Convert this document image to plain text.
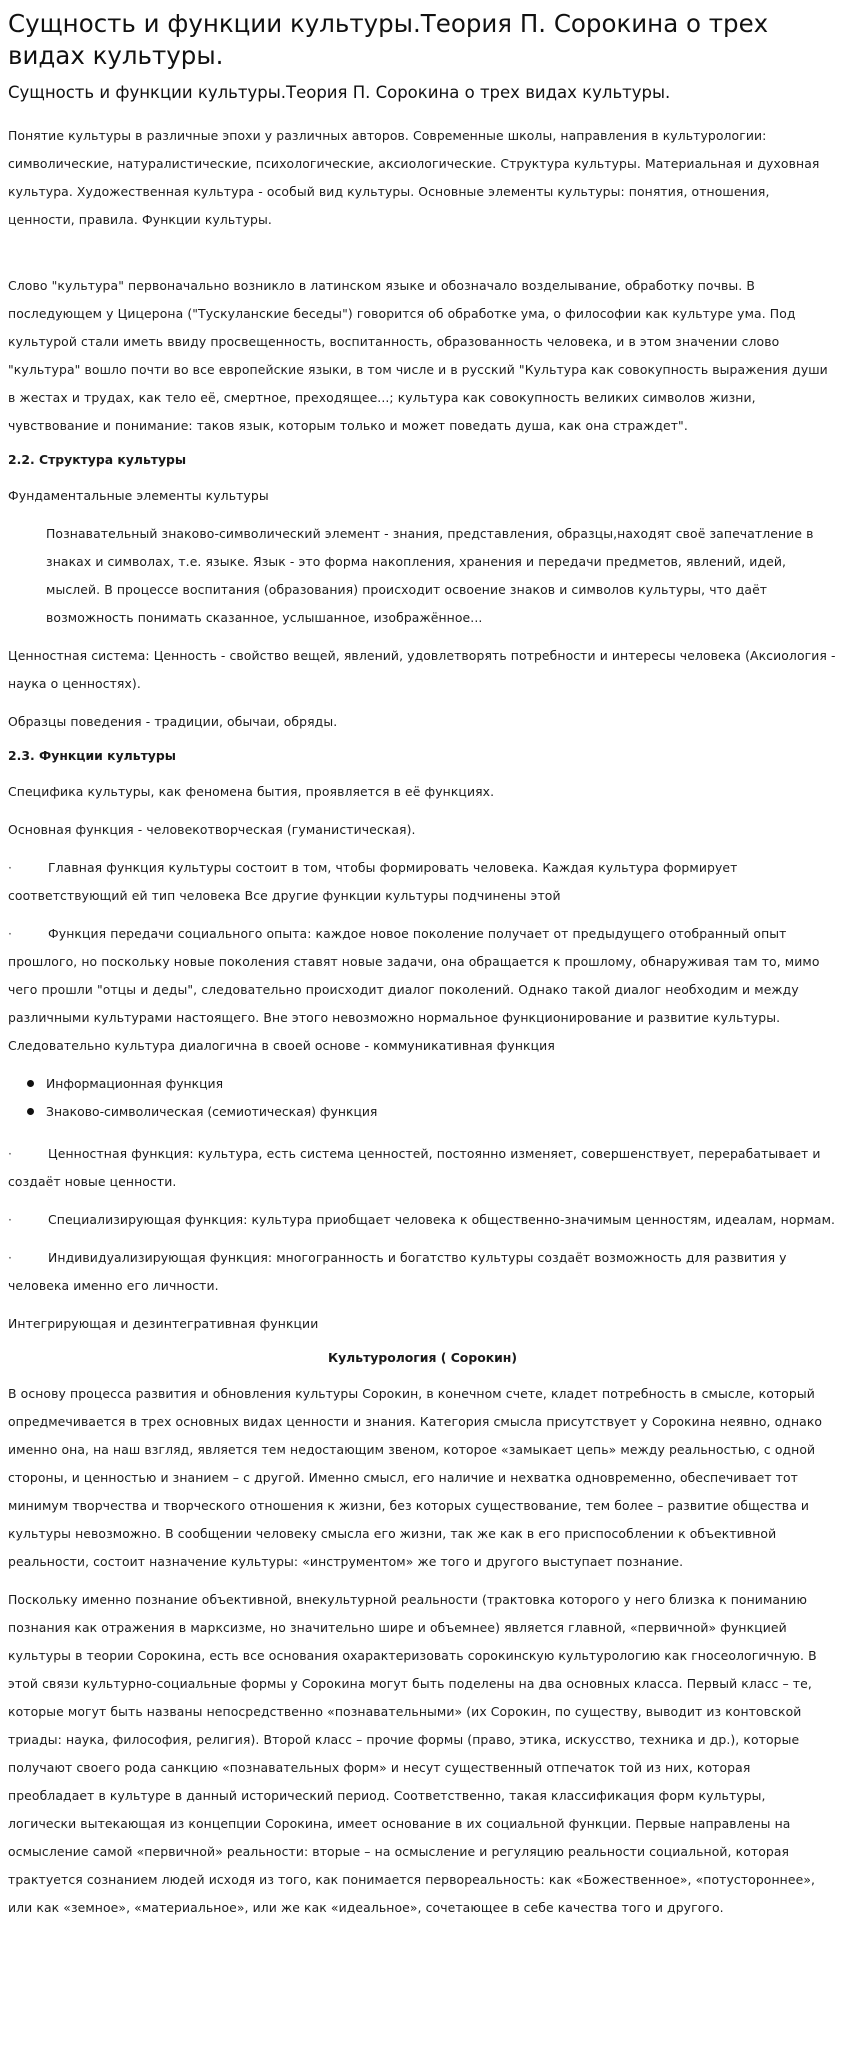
Сущность и функции культуры.Теория П. Сорокина о трех видах культуры.
Сущность и функции культуры.Теория П. Сорокина о трех видах культуры.

Понятие культуры в различные эпохи у различных авторов. Современные школы, направления в культурологии: символические, натуралистические, психологические, аксиологические. Структура культуры. Материальная и духовная культура. Художественная культура - особый вид культуры. Основные элементы культуры: понятия, отношения, ценности, правила. Функции культуры.

Слово "культура" первоначально возникло в латинском языке и обозначало возделывание, обработку почвы. В последующем у Цицерона ("Тускуланские беседы") говорится об обработке ума, о философии как культуре ума. Под культурой стали иметь ввиду просвещенность, воспитанность, образованность человека, и в этом значении слово "культура" вошло почти во все европейские языки, в том числе и в русский "Культура как совокупность выражения души в жестах и трудах, как тело её, смертное, преходящее...; культура как совокупность великих символов жизни, чувствование и понимание: таков язык, которым только и может поведать душа, как она страждет".

2.2. Структура культуры

Фундаментальные элементы культуры

Познавательный знаково-символический элемент - знания, представления, образцы,находят своё запечатление в знаках и символах, т.е. языке. Язык - это форма накопления, хранения и передачи предметов, явлений, идей, мыслей. В процессе воспитания (образования) происходит освоение знаков и символов культуры, что даёт возможность понимать сказанное, услышанное, изображённое...

Ценностная система: Ценность - свойство вещей, явлений, удовлетворять потребности и интересы человека (Аксиология - наука о ценностях).

Образцы поведения - традиции, обычаи, обряды.

2.3. Функции культуры

Специфика культуры, как феномена бытия, проявляется в её функциях.

Основная функция - человекотворческая (гуманистическая).

·	Главная функция культуры состоит в том, чтобы формировать человека. Каждая культура формирует соответствующий ей тип человека Все другие функции культуры подчинены этой

·	Функция передачи социального опыта: каждое новое поколение получает от предыдущего отобранный опыт прошлого, но поскольку новые поколения ставят новые задачи, она обращается к прошлому, обнаруживая там то, мимо чего прошли "отцы и деды", следовательно происходит диалог поколений. Однако такой диалог необходим и между различными культурами настоящего. Вне этого невозможно нормальное функционирование и развитие культуры. Следовательно культура диалогична в своей основе - коммуникативная функция

Информационная функция
Знаково-символическая (семиотическая) функция

·	Ценностная функция: культура, есть система ценностей, постоянно изменяет, совершенствует, перерабатывает и создаёт новые ценности.

·	Специализирующая функция: культура приобщает человека к общественно-значимым ценностям, идеалам, нормам.

·	Индивидуализирующая функция: многогранность и богатство культуры создаёт возможность для развития у человека именно его личности.

Интегрирующая и дезинтегративная функции

Культурология ( Сорокин)

В основу процесса развития и обновления культуры Сорокин, в конечном счете, кладет потребность в смысле, который опредмечивается в трех основных видах ценности и знания. Категория смысла присутствует у Сорокина неявно, однако именно она, на наш взгляд, является тем недостающим звеном, которое «замыкает цепь» между реальностью, с одной стороны, и ценностью и знанием – с другой. Именно смысл, его наличие и нехватка одновременно, обеспечивает тот минимум творчества и творческого отношения к жизни, без которых существование, тем более – развитие общества и культуры невозможно. В сообщении человеку смысла его жизни, так же как в его приспособлении к объективной реальности, состоит назначение культуры: «инструментом» же того и другого выступает познание.

Поскольку именно познание объективной, внекультурной реальности (трактовка которого у него близка к пониманию познания как отражения в марксизме, но значительно шире и объемнее) является главной, «первичной» функцией культуры в теории Сорокина, есть все основания охарактеризовать сорокинскую культурологию как гносеологичную. В этой связи культурно-социальные формы у Сорокина могут быть поделены на два основных класса. Первый класс – те, которые могут быть названы непосредственно «познавательными» (их Сорокин, по существу, выводит из контовской триады: наука, философия, религия). Второй класс – прочие формы (право, этика, искусство, техника и др.), которые получают своего рода санкцию «познавательных форм» и несут существенный отпечаток той из них, которая преобладает в культуре в данный исторический период. Соответственно, такая классификация форм культуры, логически вытекающая из концепции Сорокина, имеет основание в их социальной функции. Первые направлены на осмысление самой «первичной» реальности: вторые – на осмысление и регуляцию реальности социальной, которая трактуется сознанием людей исходя из того, как понимается первореальность: как «Божественное», «потустороннее», или как «земное», «материальное», или же как «идеальное», сочетающее в себе качества того и другого.
